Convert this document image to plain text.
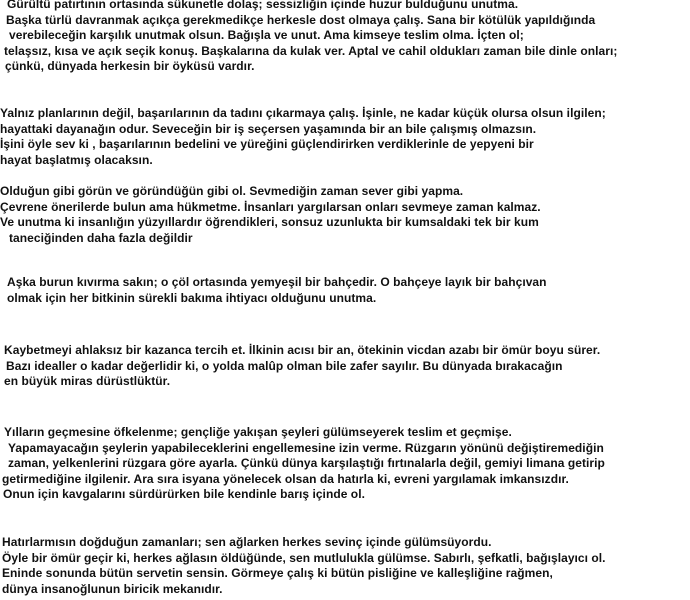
Gürültü patırtının ortasında sükunetle dolaş; sessizliğin içinde huzur bulduğunu unutma.
Başka türlü davranmak açıkça gerekmedikçe herkesle dost olmaya çalış. Sana bir kötülük yapıldığında
verebileceğin karşılık unutmak olsun. Bağışla ve unut. Ama kimseye teslim olma. İçten ol;
telaşsız, kısa ve açık seçik konuş. Başkalarına da kulak ver. Aptal ve cahil oldukları zaman bile dinle onları;
çünkü, dünyada herkesin bir öyküsü vardır.
Yalnız planlarının değil, başarılarının da tadını çıkarmaya çalış. İşinle, ne kadar küçük olursa olsun ilgilen;
hayattaki dayanağın odur. Seveceğin bir iş seçersen yaşamında bir an bile çalışmış olmazsın.
İşini öyle sev ki , başarılarının bedelini ve yüreğini güçlendirirken verdiklerinle de yepyeni bir
hayat başlatmış olacaksın.
Olduğun gibi görün ve göründüğün gibi ol. Sevmediğin zaman sever gibi yapma.
Çevrene önerilerde bulun ama hükmetme. İnsanları yargılarsan onları sevmeye zaman kalmaz.
Ve unutma ki insanlığın yüzyıllardır öğrendikleri, sonsuz uzunlukta bir kumsaldaki tek bir kum
taneciğinden daha fazla değildir
Aşka burun kıvırma sakın; o çöl ortasında yemyeşil bir bahçedir. O bahçeye layık bir bahçıvan
olmak için her bitkinin sürekli bakıma ihtiyacı olduğunu unutma.
Kaybetmeyi ahlaksız bir kazanca tercih et. İlkinin acısı bir an, ötekinin vicdan azabı bir ömür boyu sürer.
Bazı idealler o kadar değerlidir ki, o yolda malûp olman bile zafer sayılır. Bu dünyada bırakacağın
en büyük miras dürüstlüktür.
Yılların geçmesine öfkelenme; gençliğe yakışan şeyleri gülümseyerek teslim et geçmişe.
Yapamayacağın şeylerin yapabileceklerini engellemesine izin verme. Rüzgarın yönünü değiştiremediğin
zaman, yelkenlerini rüzgara göre ayarla. Çünkü dünya karşılaştığı fırtınalarla değil, gemiyi limana getirip
getirmediğine ilgilenir. Ara sıra isyana yönelecek olsan da hatırla ki, evreni yargılamak imkansızdır.
Onun için kavgalarını sürdürürken bile kendinle barış içinde ol.
Hatırlarmısın doğduğun zamanları; sen ağlarken herkes sevinç içinde gülümsüyordu.
Öyle bir ömür geçir ki, herkes ağlasın öldüğünde, sen mutlulukla gülümse. Sabırlı, şefkatli, bağışlayıcı ol.
Eninde sonunda bütün servetin sensin. Görmeye çalış ki bütün pisliğine ve kalleşliğine rağmen,
dünya insanoğlunun biricik mekanıdır.
